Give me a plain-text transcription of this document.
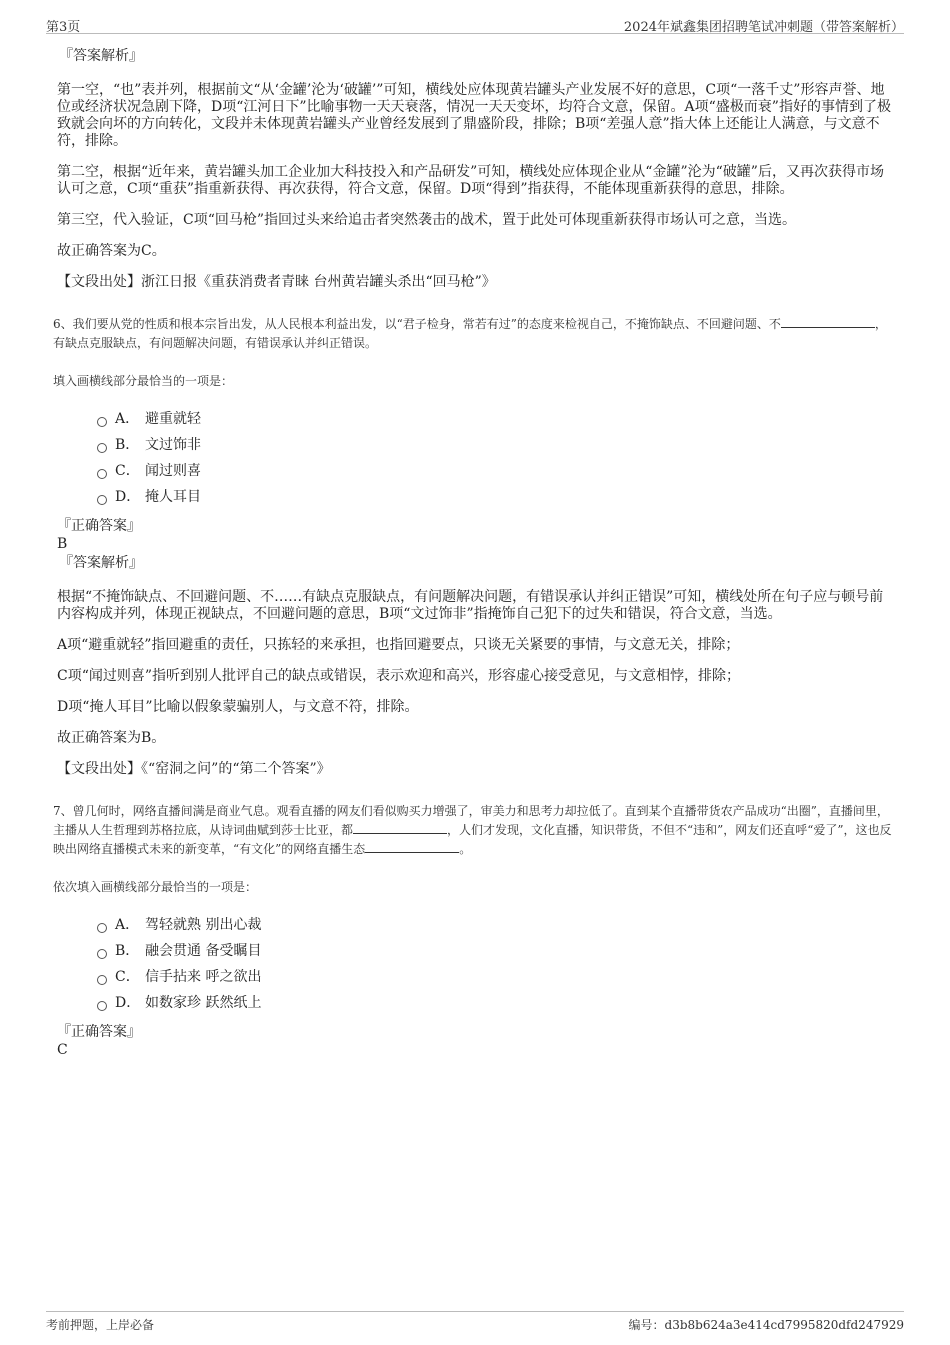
第3页	2024年斌鑫集团招聘笔试冲刺题（带答案解析）
『答案解析』

第一空，“也”表并列，根据前文“从‘金罐’沦为‘破罐’”可知，横线处应体现黄岩罐头产业发展不好的意思，C项“一落千丈”形容声誉、地位或经济状况急剧下降，D项“江河日下”比喻事物一天天衰落，情况一天天变坏，均符合文意，保留。A项“盛极而衰”指好的事情到了极致就会向坏的方向转化，文段并未体现黄岩罐头产业曾经发展到了鼎盛阶段，排除；B项“差强人意”指大体上还能让人满意，与文意不符，排除。

第二空，根据“近年来，黄岩罐头加工企业加大科技投入和产品研发”可知，横线处应体现企业从“金罐”沦为“破罐”后，又再次获得市场认可之意，C项“重获”指重新获得、再次获得，符合文意，保留。D项“得到”指获得，不能体现重新获得的意思，排除。

第三空，代入验证，C项“回马枪”指回过头来给追击者突然袭击的战术，置于此处可体现重新获得市场认可之意，当选。

故正确答案为C。

【文段出处】浙江日报《重获消费者青睐 台州黄岩罐头杀出“回马枪”》

6、我们要从党的性质和根本宗旨出发，从人民根本利益出发，以“君子检身，常若有过”的态度来检视自己，不掩饰缺点、不回避问题、不	，有缺点克服缺点，有问题解决问题，有错误承认并纠正错误。

填入画横线部分最恰当的一项是：

A． 避重就轻
B． 文过饰非
C． 闻过则喜
D． 掩人耳目
『正确答案』
B
『答案解析』

根据“不掩饰缺点、不回避问题、不……有缺点克服缺点，有问题解决问题，有错误承认并纠正错误”可知，横线处所在句子应与顿号前内容构成并列，体现正视缺点，不回避问题的意思，B项“文过饰非”指掩饰自己犯下的过失和错误，符合文意，当选。

A项“避重就轻”指回避重的责任，只拣轻的来承担，也指回避要点，只谈无关紧要的事情，与文意无关，排除；

C项“闻过则喜”指听到别人批评自己的缺点或错误，表示欢迎和高兴，形容虚心接受意见，与文意相悖，排除；

D项“掩人耳目”比喻以假象蒙骗别人，与文意不符，排除。

故正确答案为B。

【文段出处】《“窑洞之问”的“第二个答案”》

7、曾几何时，网络直播间满是商业气息。观看直播的网友们看似购买力增强了，审美力和思考力却拉低了。直到某个直播带货农产品成功“出圈”，直播间里，主播从人生哲理到苏格拉底，从诗词曲赋到莎士比亚，都	，人们才发现，文化直播，知识带货，不但不“违和”，网友们还直呼“爱了”，这也反映出网络直播模式未来的新变革，“有文化”的网络直播生态	。

依次填入画横线部分最恰当的一项是：

A． 驾轻就熟 别出心裁
B． 融会贯通 备受瞩目
C． 信手拈来 呼之欲出
D． 如数家珍 跃然纸上
『正确答案』
C
考前押题，上岸必备	编号：d3b8b624a3e414cd7995820dfd247929
